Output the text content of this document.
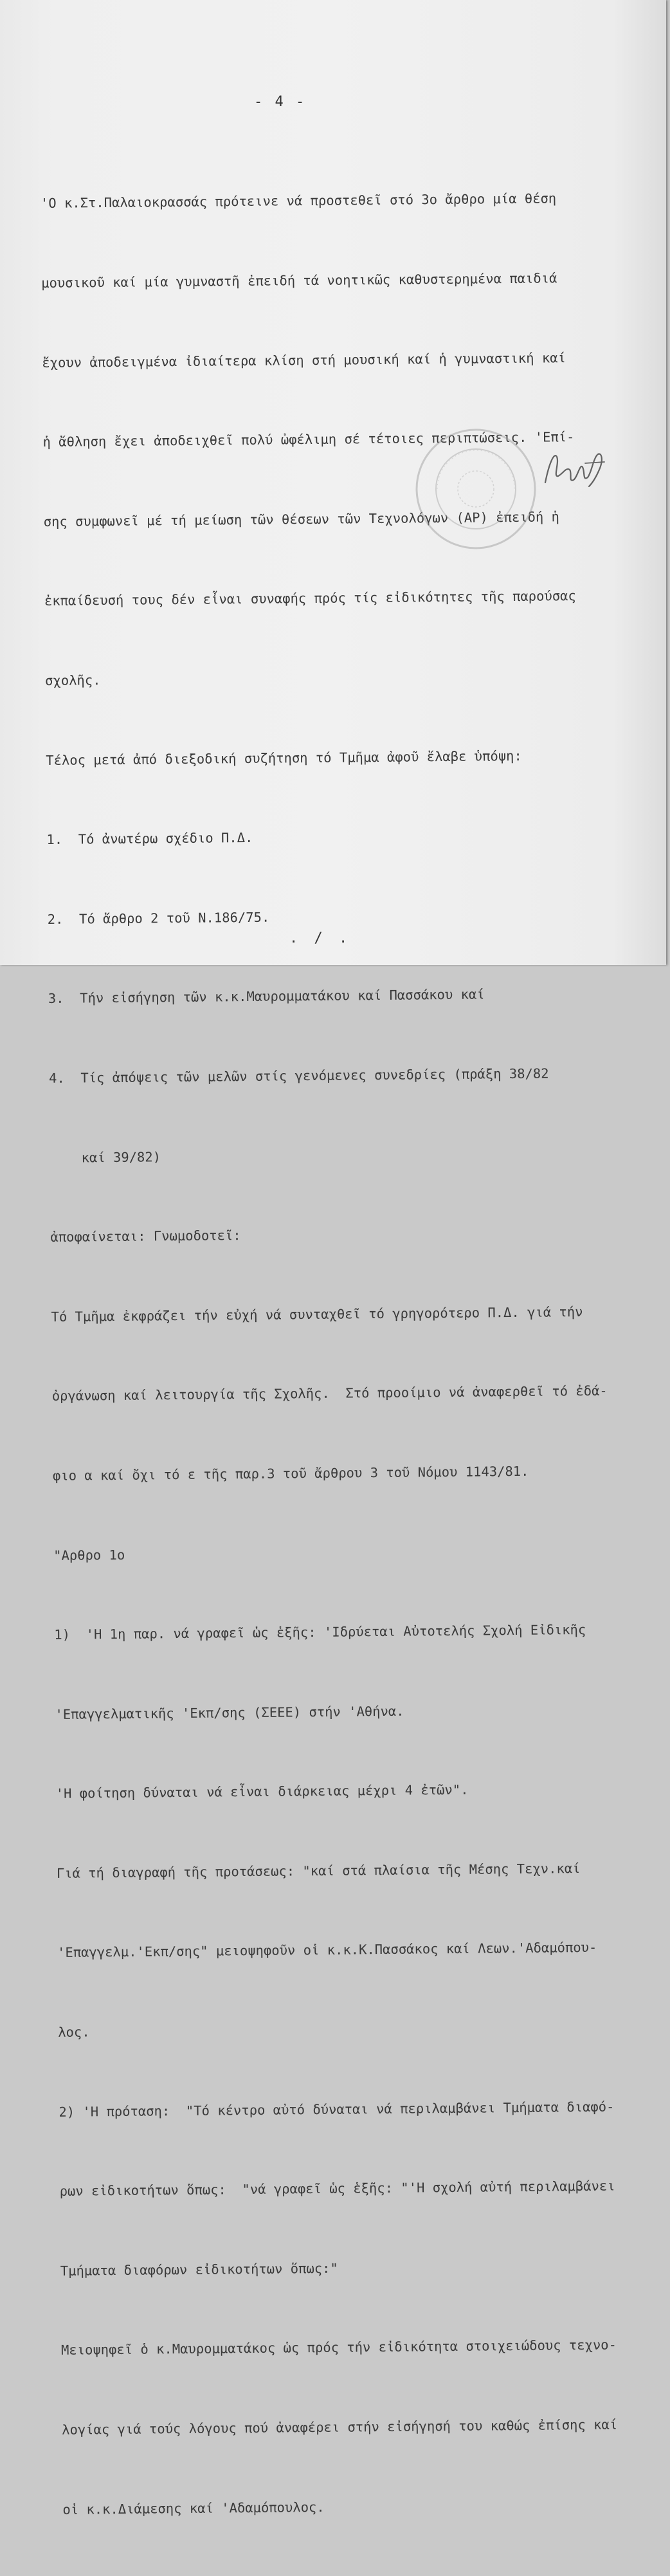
- 4 -

'Ο κ.Στ.Παλαιοκρασσάς πρότεινε νά προστεθεῖ στό 3ο ἄρθρο μία θέση

μουσικοῦ καί μία γυμναστῆ ἐπειδή τά νοητικῶς καθυστερημένα παιδιά

ἔχουν ἀποδειγμένα ἰδιαίτερα κλίση στή μουσική καί ἡ γυμναστική καί

ἡ ἄθληση ἔχει ἀποδειχθεῖ πολύ ὠφέλιμη σέ τέτοιες περιπτώσεις. 'Επί-

σης συμφωνεῖ μέ τή μείωση τῶν θέσεων τῶν Τεχνολόγων (ΑΡ) ἐπειδή ἡ

ἐκπαίδευσή τους δέν εἶναι συναφής πρός τίς εἰδικότητες τῆς παρούσας

σχολῆς.

Τέλος μετά ἀπό διεξοδική συζήτηση τό Τμῆμα ἀφοῦ ἔλαβε ὑπόψη:

1.  Τό ἀνωτέρω σχέδιο Π.Δ.

2.  Τό ἄρθρο 2 τοῦ Ν.186/75.

3.  Τήν εἰσήγηση τῶν κ.κ.Μαυρομματάκου καί Πασσάκου καί

4.  Τίς ἀπόψεις τῶν μελῶν στίς γενόμενες συνεδρίες (πράξη 38/82

καί 39/82)

ἀποφαίνεται: Γνωμοδοτεῖ:

Τό Τμῆμα ἐκφράζει τήν εὐχή νά συνταχθεῖ τό γρηγορότερο Π.Δ. γιά τήν

ὀργάνωση καί λειτουργία τῆς Σχολῆς.  Στό προοίμιο νά ἀναφερθεῖ τό ἐδά-

φιο α καί ὄχι τό ε τῆς παρ.3 τοῦ ἄρθρου 3 τοῦ Νόμου 1143/81.

"Αρθρο 1ο

1)  'Η 1η παρ. νά γραφεῖ ὡς ἑξῆς: 'Ιδρύεται Αὐτοτελής Σχολή Εἰδικῆς

'Επαγγελματικῆς 'Εκπ/σης (ΣΕΕΕ) στήν 'Αθήνα.

'Η φοίτηση δύναται νά εἶναι διάρκειας μέχρι 4 ἐτῶν".

Γιά τή διαγραφή τῆς προτάσεως: "καί στά πλαίσια τῆς Μέσης Τεχν.καί

'Επαγγελμ.'Εκπ/σης" μειοψηφοῦν οἱ κ.κ.Κ.Πασσάκος καί Λεων.'Αδαμόπου-

λος.

2) 'Η πρόταση:  "Τό κέντρο αὐτό δύναται νά περιλαμβάνει Τμήματα διαφό-

ρων εἰδικοτήτων ὅπως:  "νά γραφεῖ ὡς ἑξῆς: "'Η σχολή αὐτή περιλαμβάνει

Τμήματα διαφόρων εἰδικοτήτων ὅπως:"

Μειοψηφεῖ ὁ κ.Μαυρομματάκος ὡς πρός τήν εἰδικότητα στοιχειώδους τεχνο-

λογίας γιά τούς λόγους πού ἀναφέρει στήν εἰσήγησή του καθώς ἐπίσης καί

οἱ κ.κ.Διάμεσης καί 'Αδαμόπουλος.

. / .
